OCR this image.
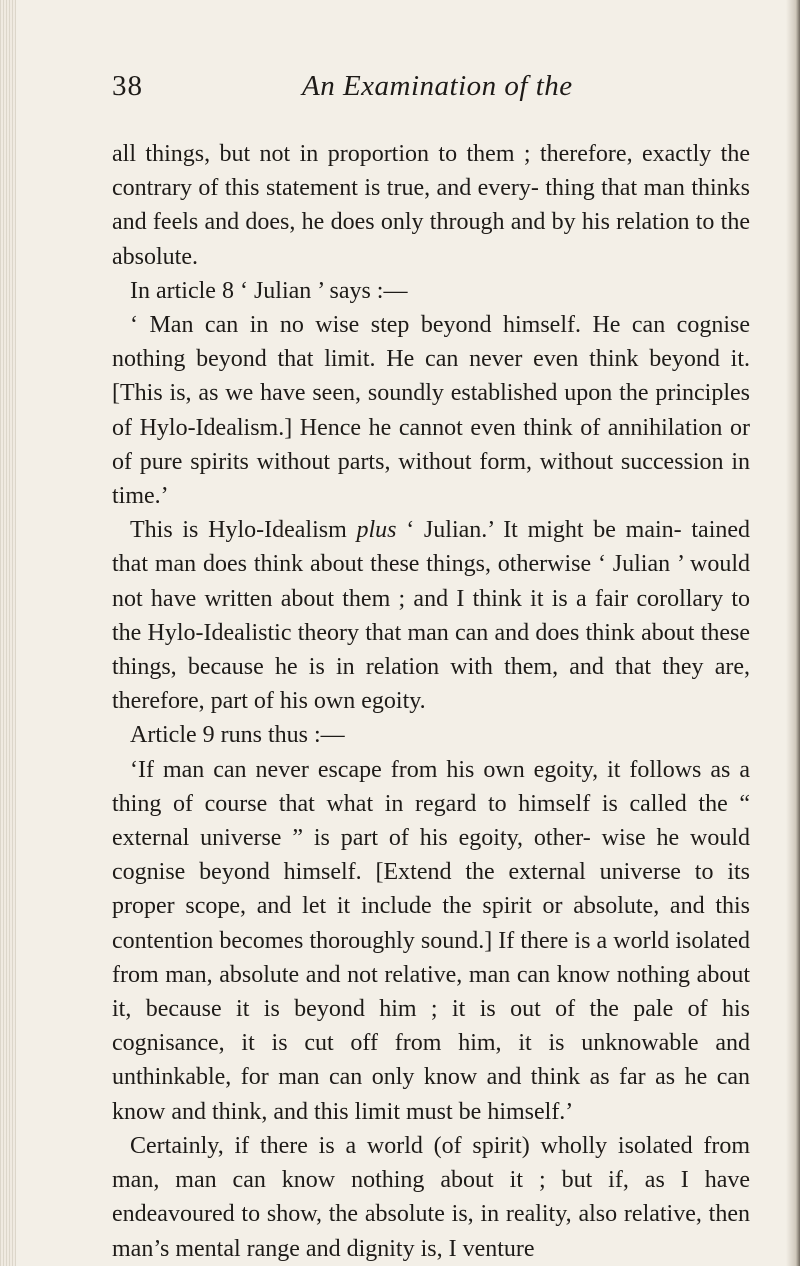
38	An Examination of the

all things, but not in proportion to them ; therefore, exactly the contrary of this statement is true, and every- thing that man thinks and feels and does, he does only through and by his relation to the absolute.

In article 8 ‘ Julian ’ says :—

‘ Man can in no wise step beyond himself. He can cognise nothing beyond that limit. He can never even think beyond it. [This is, as we have seen, soundly established upon the principles of Hylo-Idealism.] Hence he cannot even think of annihilation or of pure spirits without parts, without form, without succession in time.’

This is Hylo-Idealism plus ‘ Julian.’ It might be main- tained that man does think about these things, otherwise ‘ Julian ’ would not have written about them ; and I think it is a fair corollary to the Hylo-Idealistic theory that man can and does think about these things, because he is in relation with them, and that they are, therefore, part of his own egoity.

Article 9 runs thus :—

‘If man can never escape from his own egoity, it follows as a thing of course that what in regard to himself is called the “ external universe ” is part of his egoity, other- wise he would cognise beyond himself. [Extend the external universe to its proper scope, and let it include the spirit or absolute, and this contention becomes thoroughly sound.] If there is a world isolated from man, absolute and not relative, man can know nothing about it, because it is beyond him ; it is out of the pale of his cognisance, it is cut off from him, it is unknowable and unthinkable, for man can only know and think as far as he can know and think, and this limit must be himself.’

Certainly, if there is a world (of spirit) wholly isolated from man, man can know nothing about it ; but if, as I have endeavoured to show, the absolute is, in reality, also relative, then man’s mental range and dignity is, I venture
